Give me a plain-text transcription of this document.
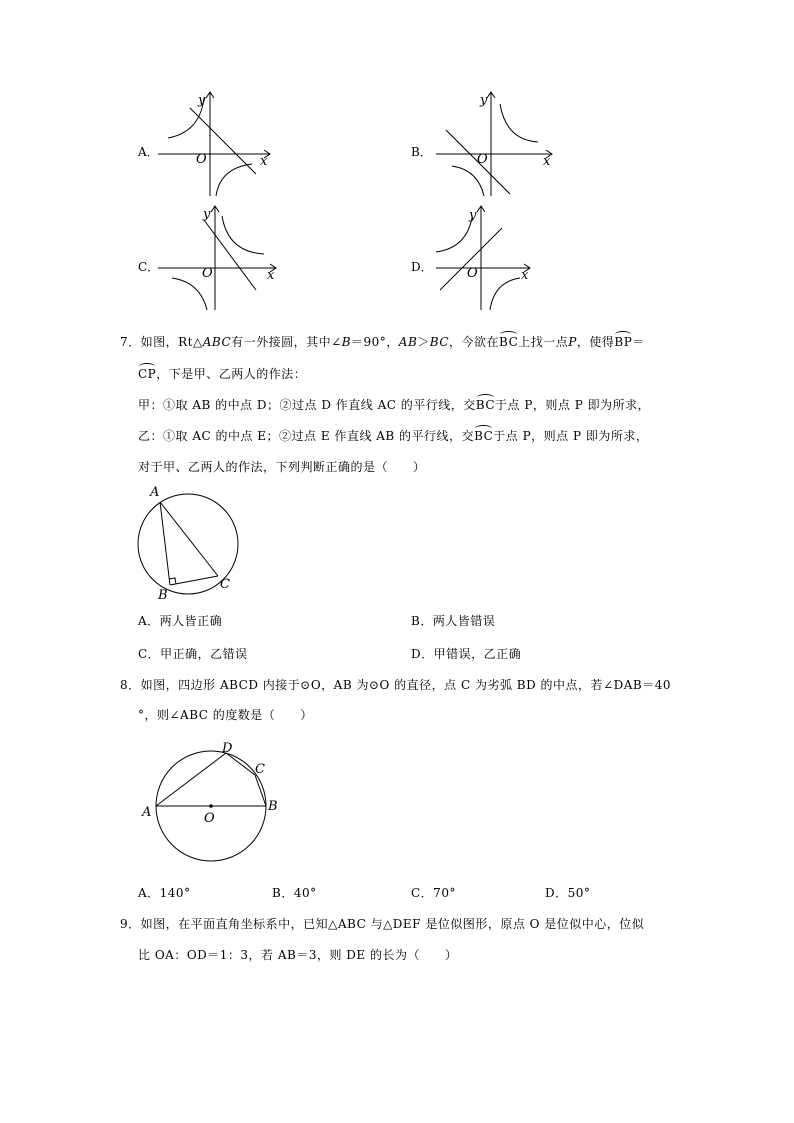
A．
y
x
O	B．
y
x
O
C．
y
x
O	D．
y
x
O
7．如图，Rt△ABC有一外接圆，其中∠B＝90°，AB＞BC，今欲在BC上找一点P，使得BP＝
CP，下是甲、乙两人的作法：
甲：①取 AB 的中点 D；②过点 D 作直线 AC 的平行线，交BC于点 P，则点 P 即为所求，
乙：①取 AC 的中点 E；②过点 E 作直线 AB 的平行线，交BC于点 P，则点 P 即为所求，
对于甲、乙两人的作法，下列判断正确的是（　　）
A
B
C
A．两人皆正确	B．两人皆错误
C．甲正确，乙错误	D．甲错误，乙正确
8．如图，四边形 ABCD 内接于⊙O，AB 为⊙O 的直径，点 C 为劣弧 BD 的中点，若∠DAB＝40
°，则∠ABC 的度数是（　　）
A	B
C
D
O
A．140°	B．40°	C．70°	D．50°
9．如图，在平面直角坐标系中，已知△ABC 与△DEF 是位似图形，原点 O 是位似中心，位似
比 OA：OD＝1：3，若 AB＝3，则 DE 的长为（　　）
